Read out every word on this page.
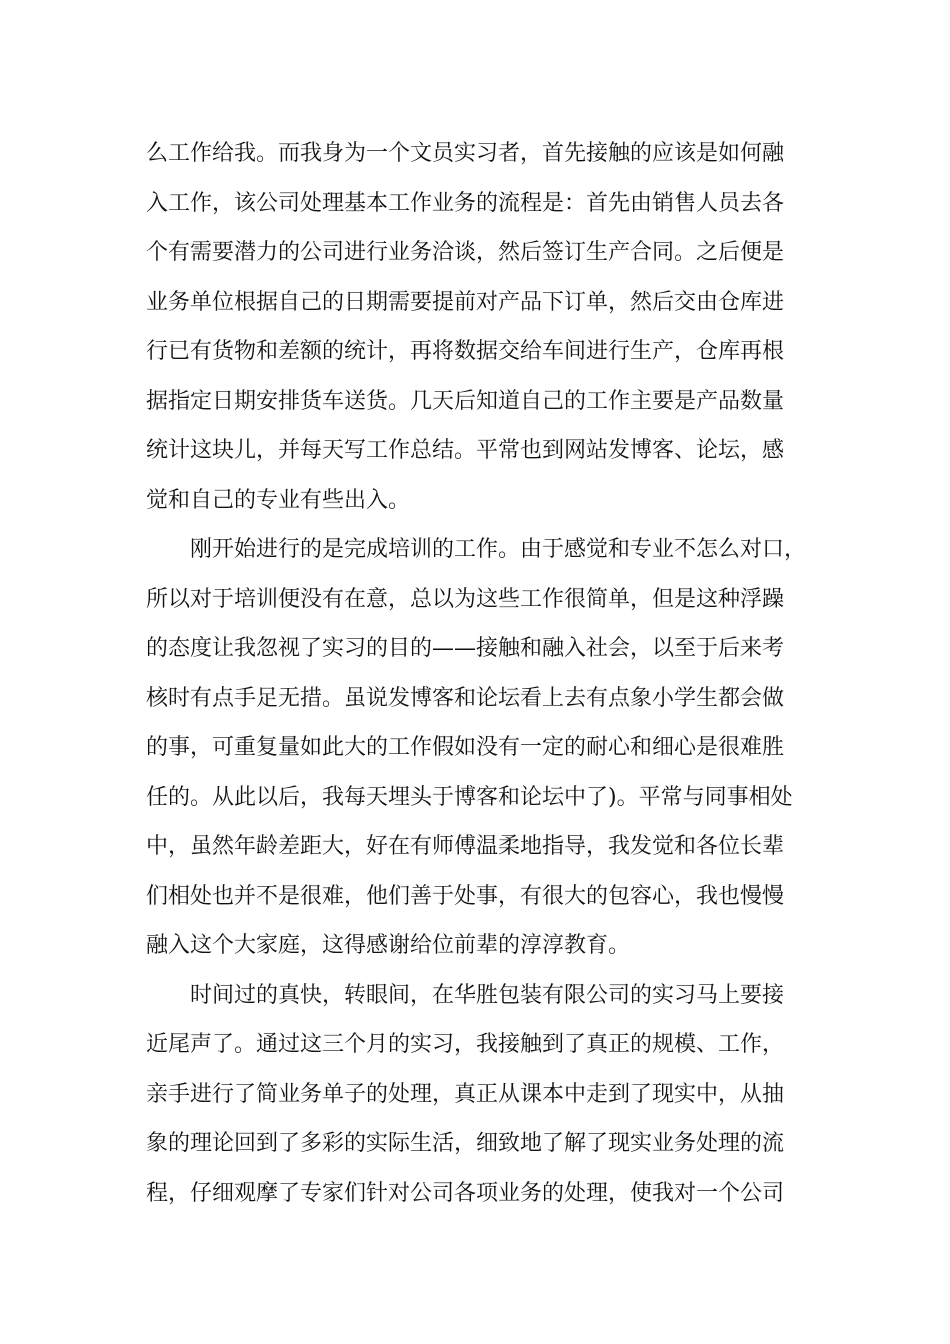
么工作给我。而我身为一个文员实习者，首先接触的应该是如何融
入工作，该公司处理基本工作业务的流程是：首先由销售人员去各
个有需要潜力的公司进行业务洽谈，然后签订生产合同。之后便是
业务单位根据自己的日期需要提前对产品下订单，然后交由仓库进
行已有货物和差额的统计，再将数据交给车间进行生产，仓库再根
据指定日期安排货车送货。几天后知道自己的工作主要是产品数量
统计这块儿，并每天写工作总结。平常也到网站发博客、论坛，感
觉和自己的专业有些出入。

刚开始进行的是完成培训的工作。由于感觉和专业不怎么对口，
所以对于培训便没有在意，总以为这些工作很简单，但是这种浮躁
的态度让我忽视了实习的目的——接触和融入社会，以至于后来考
核时有点手足无措。虽说发博客和论坛看上去有点象小学生都会做
的事，可重复量如此大的工作假如没有一定的耐心和细心是很难胜
任的。从此以后，我每天埋头于博客和论坛中了)。平常与同事相处
中，虽然年龄差距大，好在有师傅温柔地指导，我发觉和各位长辈
们相处也并不是很难，他们善于处事，有很大的包容心，我也慢慢
融入这个大家庭，这得感谢给位前辈的淳淳教育。

时间过的真快，转眼间，在华胜包装有限公司的实习马上要接
近尾声了。通过这三个月的实习，我接触到了真正的规模、工作，
亲手进行了简业务单子的处理，真正从课本中走到了现实中，从抽
象的理论回到了多彩的实际生活，细致地了解了现实业务处理的流
程，仔细观摩了专家们针对公司各项业务的处理，使我对一个公司
